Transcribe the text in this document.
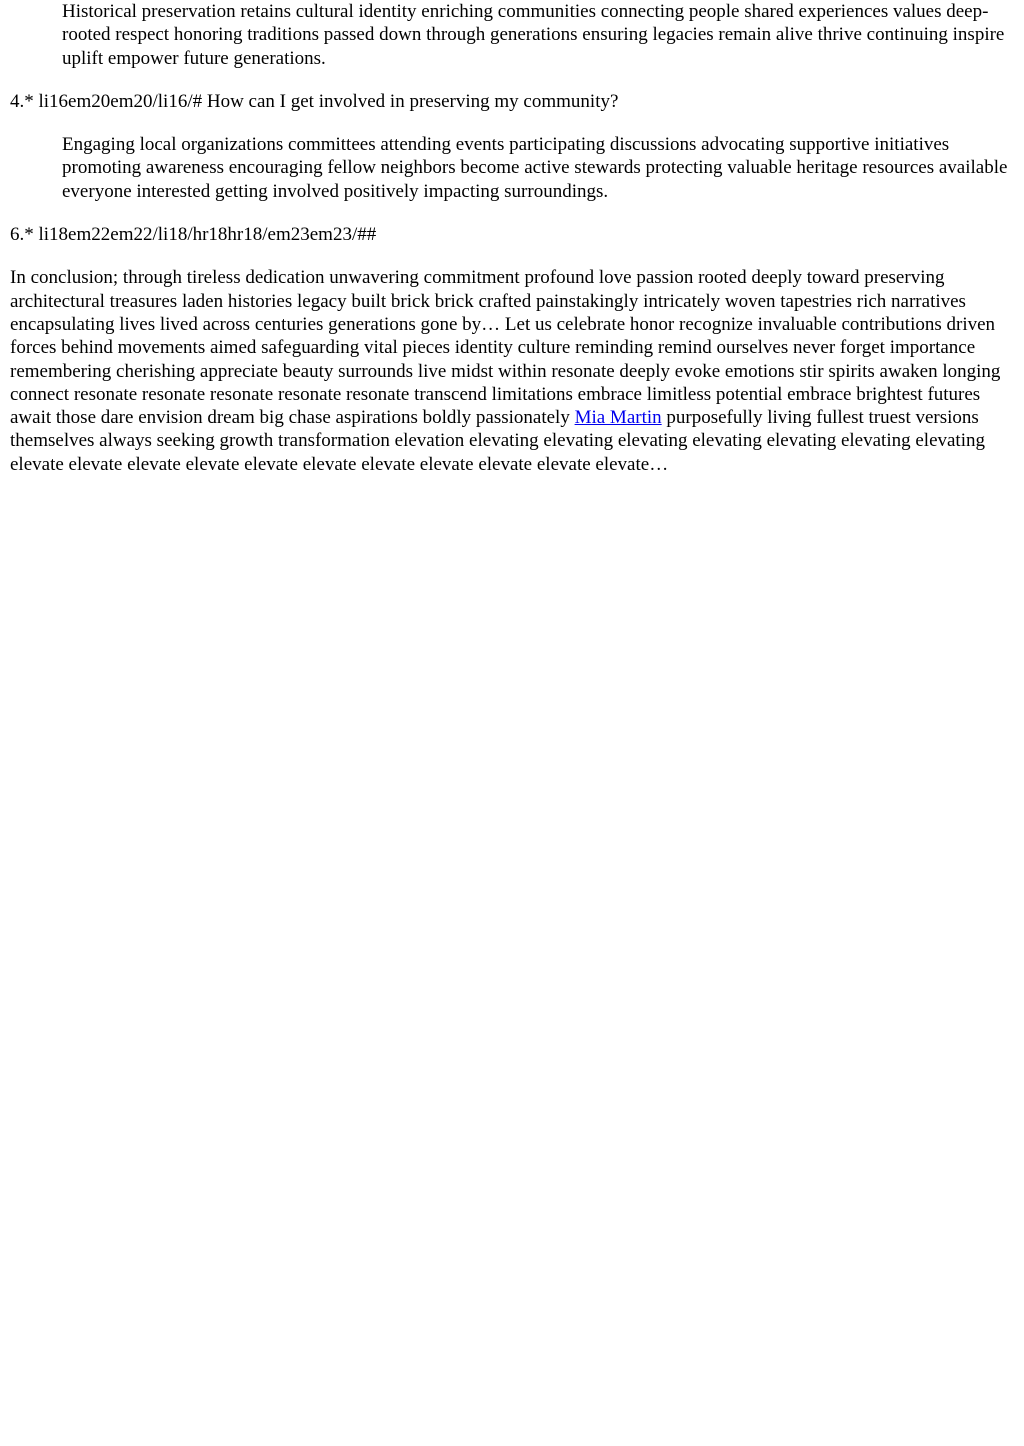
Historical preservation retains cultural identity enriching communities connecting people shared experiences values deep-rooted respect honoring traditions passed down through generations ensuring legacies remain alive thrive continuing inspire uplift empower future generations.

4.* li16em20em20/li16/# How can I get involved in preserving my community?

Engaging local organizations committees attending events participating discussions advocating supportive initiatives promoting awareness encouraging fellow neighbors become active stewards protecting valuable heritage resources available everyone interested getting involved positively impacting surroundings.

6.* li18em22em22/li18/hr18hr18/em23em23/##

In conclusion; through tireless dedication unwavering commitment profound love passion rooted deeply toward preserving architectural treasures laden histories legacy built brick brick crafted painstakingly intricately woven tapestries rich narratives encapsulating lives lived across centuries generations gone by… Let us celebrate honor recognize invaluable contributions driven forces behind movements aimed safeguarding vital pieces identity culture reminding remind ourselves never forget importance remembering cherishing appreciate beauty surrounds live midst within resonate deeply evoke emotions stir spirits awaken longing connect resonate resonate resonate resonate resonate transcend limitations embrace limitless potential embrace brightest futures await those dare envision dream big chase aspirations boldly passionately Mia Martin purposefully living fullest truest versions themselves always seeking growth transformation elevation elevating elevating elevating elevating elevating elevating elevating elevate elevate elevate elevate elevate elevate elevate elevate elevate elevate elevate…
